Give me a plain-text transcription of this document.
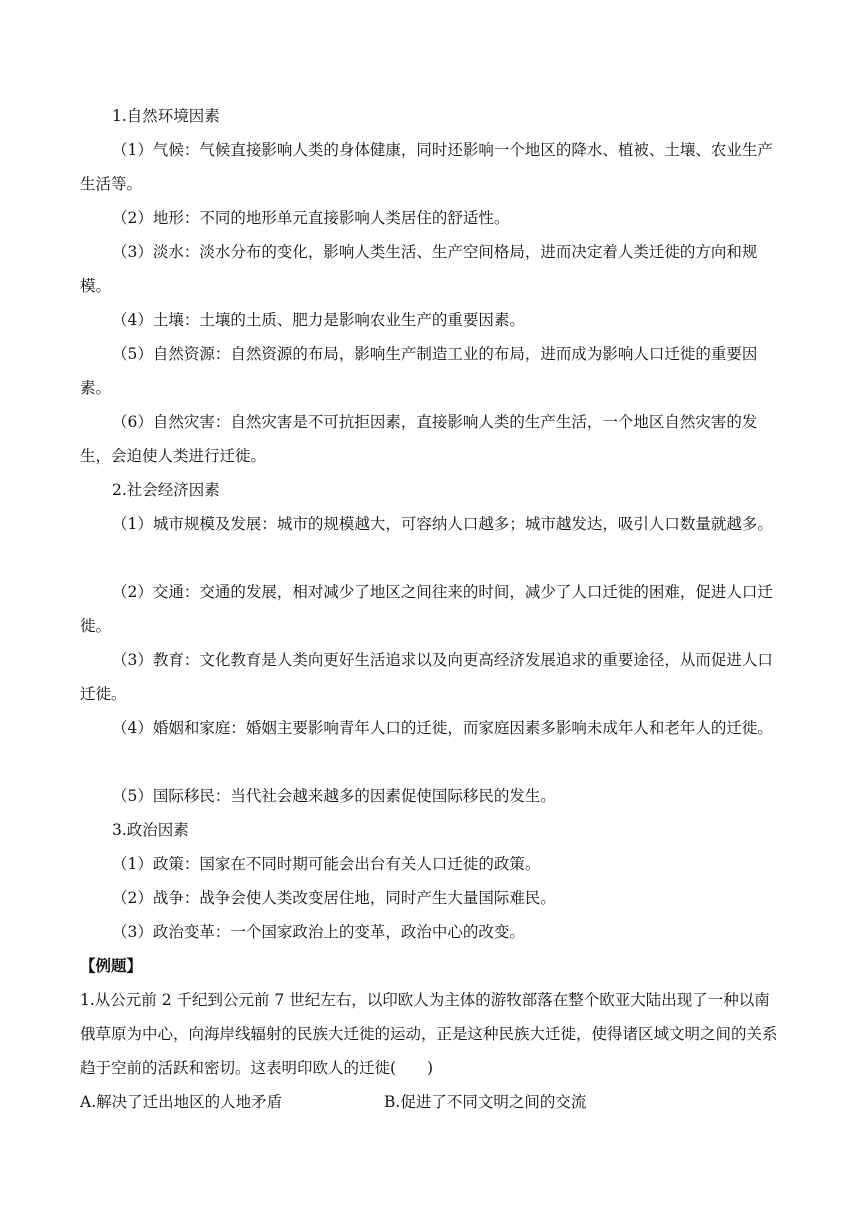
1.自然环境因素

（1）气候：气候直接影响人类的身体健康，同时还影响一个地区的降水、植被、土壤、农业生产生活等。

（2）地形：不同的地形单元直接影响人类居住的舒适性。

（3）淡水：淡水分布的变化，影响人类生活、生产空间格局，进而决定着人类迁徙的方向和规模。

（4）土壤：土壤的土质、肥力是影响农业生产的重要因素。

（5）自然资源：自然资源的布局，影响生产制造工业的布局，进而成为影响人口迁徙的重要因素。

（6）自然灾害：自然灾害是不可抗拒因素，直接影响人类的生产生活，一个地区自然灾害的发生，会迫使人类进行迁徙。

2.社会经济因素

（1）城市规模及发展：城市的规模越大，可容纳人口越多；城市越发达，吸引人口数量就越多。

（2）交通：交通的发展，相对减少了地区之间往来的时间，减少了人口迁徙的困难，促进人口迁徙。

（3）教育：文化教育是人类向更好生活追求以及向更高经济发展追求的重要途径，从而促进人口迁徙。

（4）婚姻和家庭：婚姻主要影响青年人口的迁徙，而家庭因素多影响未成年人和老年人的迁徙。

（5）国际移民：当代社会越来越多的因素促使国际移民的发生。

3.政治因素

（1）政策：国家在不同时期可能会出台有关人口迁徙的政策。

（2）战争：战争会使人类改变居住地，同时产生大量国际难民。

（3）政治变革：一个国家政治上的变革，政治中心的改变。

【例题】

1.从公元前 2 千纪到公元前 7 世纪左右，以印欧人为主体的游牧部落在整个欧亚大陆出现了一种以南俄草原为中心，向海岸线辐射的民族大迁徙的运动，正是这种民族大迁徙，使得诸区域文明之间的关系趋于空前的活跃和密切。这表明印欧人的迁徙(　　)

A.解决了迁出地区的人地矛盾	B.促进了不同文明之间的交流
